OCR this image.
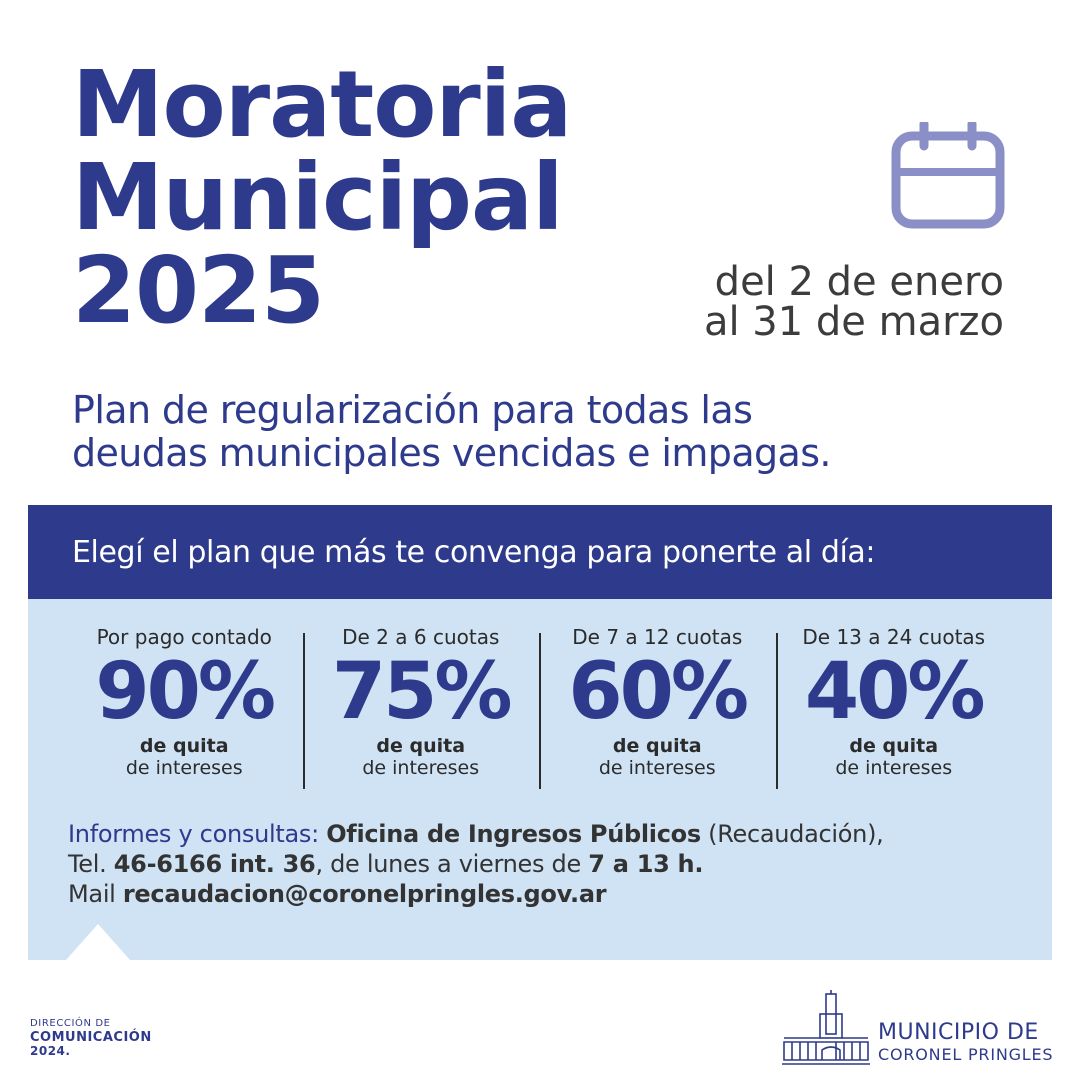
Moratoria
Municipal
2025	del 2 de enero
al 31 de marzo
Plan de regularización para todas las
deudas municipales vencidas e impagas.
Elegí el plan que más te convenga para ponerte al día:
Por pago contado
90%
de quita
de intereses
De 2 a 6 cuotas
75%
de quita
de intereses
De 7 a 12 cuotas
60%
de quita
de intereses
De 13 a 24 cuotas
40%
de quita
de intereses
Informes y consultas: Oficina de Ingresos Públicos (Recaudación),
Tel. 46-6166 int. 36, de lunes a viernes de 7 a 13 h.
Mail recaudacion@coronelpringles.gov.ar
DIRECCIÓN DE
COMUNICACIÓN
2024.
MUNICIPIO DE
CORONEL PRINGLES
